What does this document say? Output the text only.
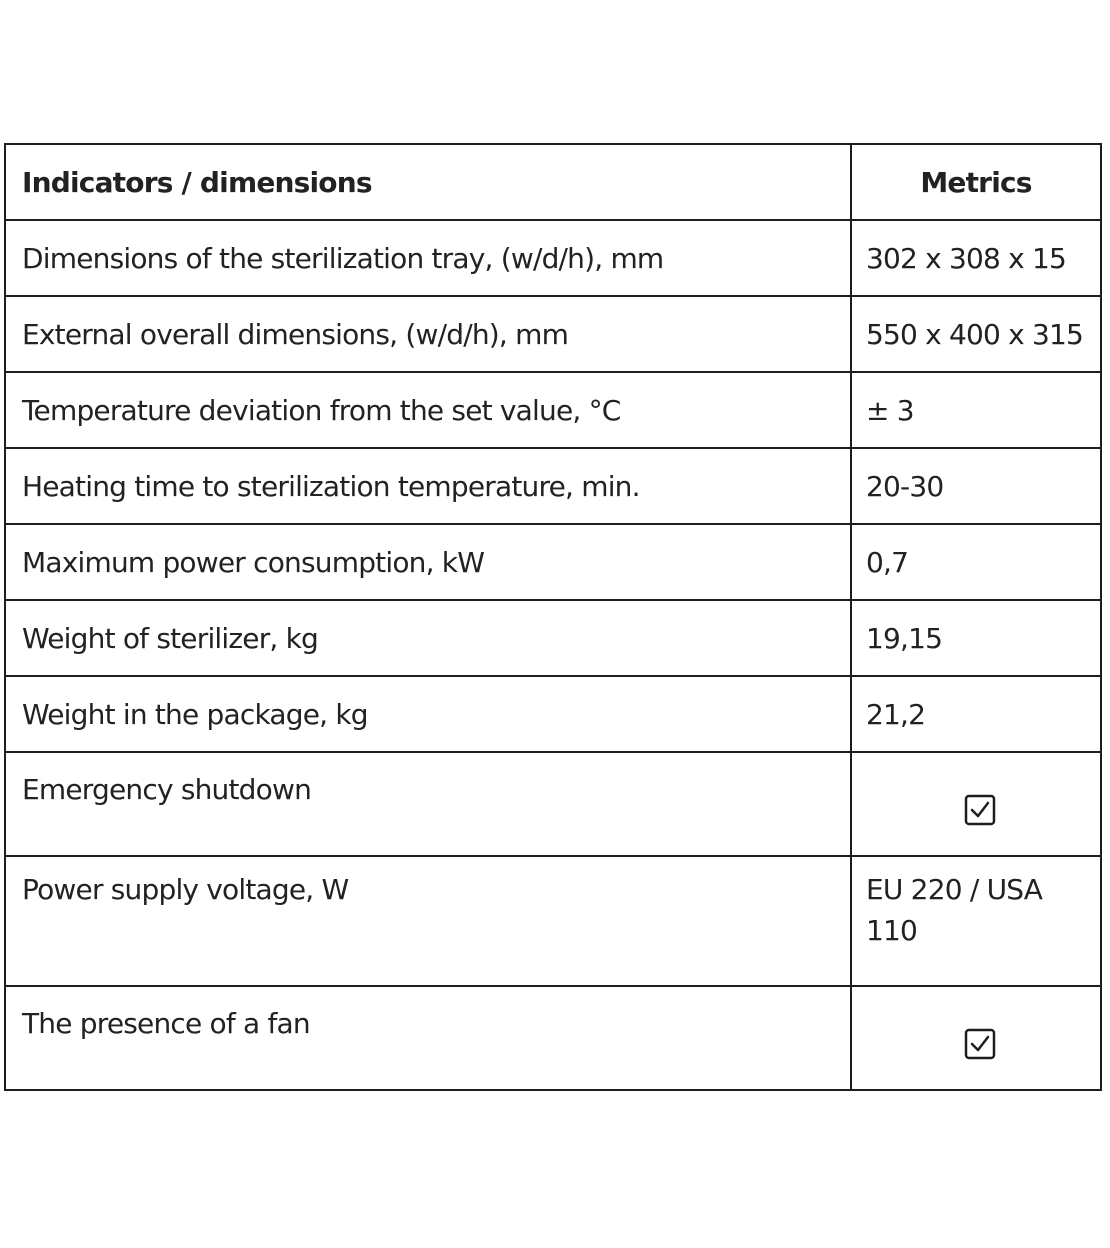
Indicators / dimensions	Metrics
Dimensions of the sterilization tray, (w/d/h), mm	302 x 308 x 15
External overall dimensions, (w/d/h), mm	550 x 400 x 315
Temperature deviation from the set value, °С	± 3
Heating time to sterilization temperature, min.	20-30
Maximum power consumption, kW	0,7
Weight of sterilizer, kg	19,15
Weight in the package, kg	21,2
Emergency shutdown	
Power supply voltage, W	EU 220 / USA 110
The presence of a fan	
